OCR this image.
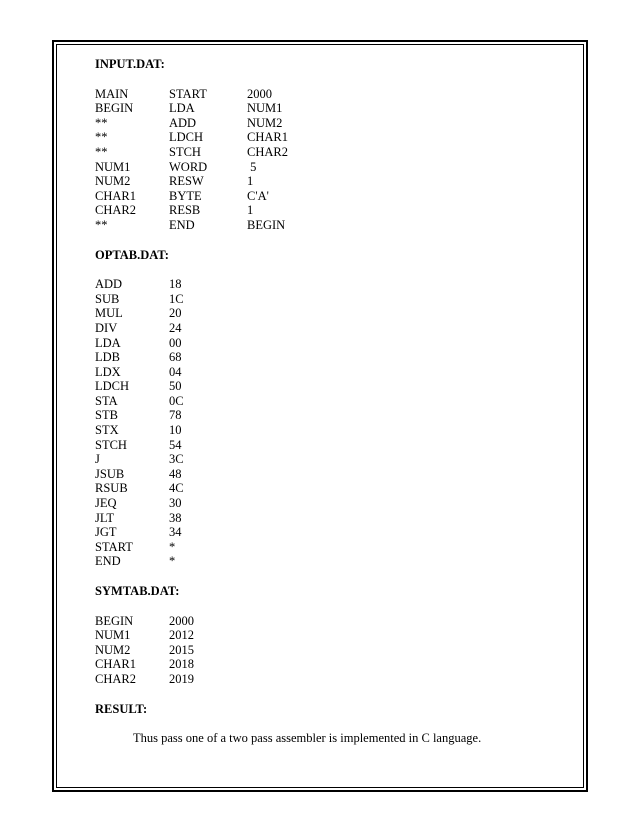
INPUT.DAT:

MAIN	START	2000
BEGIN	LDA	NUM1
**	ADD	NUM2
**	LDCH	CHAR1
**	STCH	CHAR2
NUM1	WORD	5
NUM2	RESW	1
CHAR1	BYTE	C'A'
CHAR2	RESB	1
**	END	BEGIN

OPTAB.DAT:

ADD	18
SUB	1C
MUL	20
DIV	24
LDA	00
LDB	68
LDX	04
LDCH	50
STA	0C
STB	78
STX	10
STCH	54
J	3C
JSUB	48
RSUB	4C
JEQ	30
JLT	38
JGT	34
START	*
END	*

SYMTAB.DAT:

BEGIN	2000
NUM1	2012
NUM2	2015
CHAR1	2018
CHAR2	2019

RESULT:

Thus pass one of a two pass assembler is implemented in C language.
